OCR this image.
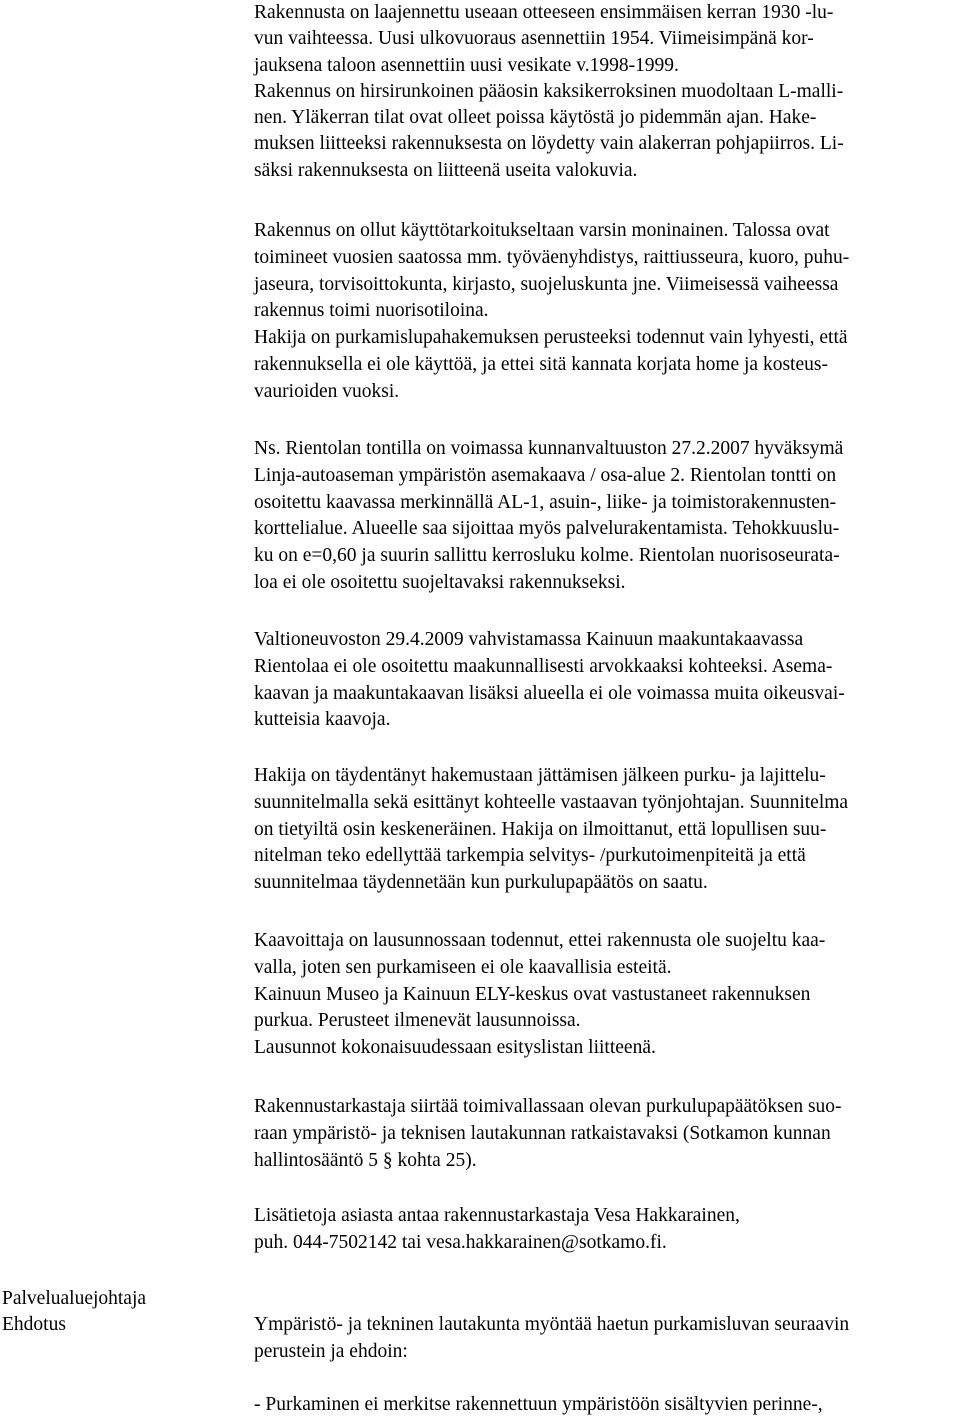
Palvelualuejohtaja
Ehdotus
Rakennusta on laajennettu useaan otteeseen ensimmäisen kerran 1930 -lu-
vun vaihteessa. Uusi ulkovuoraus asennettiin 1954. Viimeisimpänä kor-
jauksena taloon asennettiin uusi vesikate v.1998-1999.
Rakennus on hirsirunkoinen pääosin kaksikerroksinen muodoltaan L-malli-
nen. Yläkerran tilat ovat olleet poissa käytöstä jo pidemmän ajan. Hake-
muksen liitteeksi rakennuksesta on löydetty vain alakerran pohjapiirros. Li-
säksi rakennuksesta on liitteenä useita valokuvia.
Rakennus on ollut käyttötarkoitukseltaan varsin moninainen. Talossa ovat
toimineet vuosien saatossa mm. työväenyhdistys, raittiusseura, kuoro, puhu-
jaseura, torvisoittokunta, kirjasto, suojeluskunta jne. Viimeisessä vaiheessa
rakennus toimi nuorisotiloina.
Hakija on purkamislupahakemuksen perusteeksi todennut vain lyhyesti, että
rakennuksella ei ole käyttöä, ja ettei sitä kannata korjata home ja kosteus-
vaurioiden vuoksi.
Ns. Rientolan tontilla on voimassa kunnanvaltuuston 27.2.2007 hyväksymä
Linja-autoaseman ympäristön asemakaava / osa-alue 2. Rientolan tontti on
osoitettu kaavassa merkinnällä AL-1, asuin-, liike- ja toimistorakennusten-
korttelialue. Alueelle saa sijoittaa myös palvelurakentamista. Tehokkuuslu-
ku on e=0,60 ja suurin sallittu kerrosluku kolme. Rientolan nuorisoseurata-
loa ei ole osoitettu suojeltavaksi rakennukseksi.
Valtioneuvoston 29.4.2009 vahvistamassa Kainuun maakuntakaavassa
Rientolaa ei ole osoitettu maakunnallisesti arvokkaaksi kohteeksi. Asema-
kaavan ja maakuntakaavan lisäksi alueella ei ole voimassa muita oikeusvai-
kutteisia kaavoja.
Hakija on täydentänyt hakemustaan jättämisen jälkeen purku- ja lajittelu-
suunnitelmalla sekä esittänyt kohteelle vastaavan työnjohtajan. Suunnitelma
on tietyiltä osin keskeneräinen. Hakija on ilmoittanut, että lopullisen suu-
nitelman teko edellyttää tarkempia selvitys- /purkutoimenpiteitä ja että
suunnitelmaa täydennetään kun purkulupapäätös on saatu.
Kaavoittaja on lausunnossaan todennut, ettei rakennusta ole suojeltu kaa-
valla, joten sen purkamiseen ei ole kaavallisia esteitä.
Kainuun Museo ja Kainuun ELY-keskus ovat vastustaneet rakennuksen
purkua. Perusteet ilmenevät lausunnoissa.
Lausunnot kokonaisuudessaan esityslistan liitteenä.
Rakennustarkastaja siirtää toimivallassaan olevan purkulupapäätöksen suo-
raan ympäristö- ja teknisen lautakunnan ratkaistavaksi (Sotkamon kunnan
hallintosääntö 5 § kohta 25).
Lisätietoja asiasta antaa rakennustarkastaja Vesa Hakkarainen,
puh. 044-7502142 tai vesa.hakkarainen@sotkamo.fi.
Ympäristö- ja tekninen lautakunta myöntää haetun purkamisluvan seuraavin
perustein ja ehdoin:
- Purkaminen ei merkitse rakennettuun ympäristöön sisältyvien perinne-,
